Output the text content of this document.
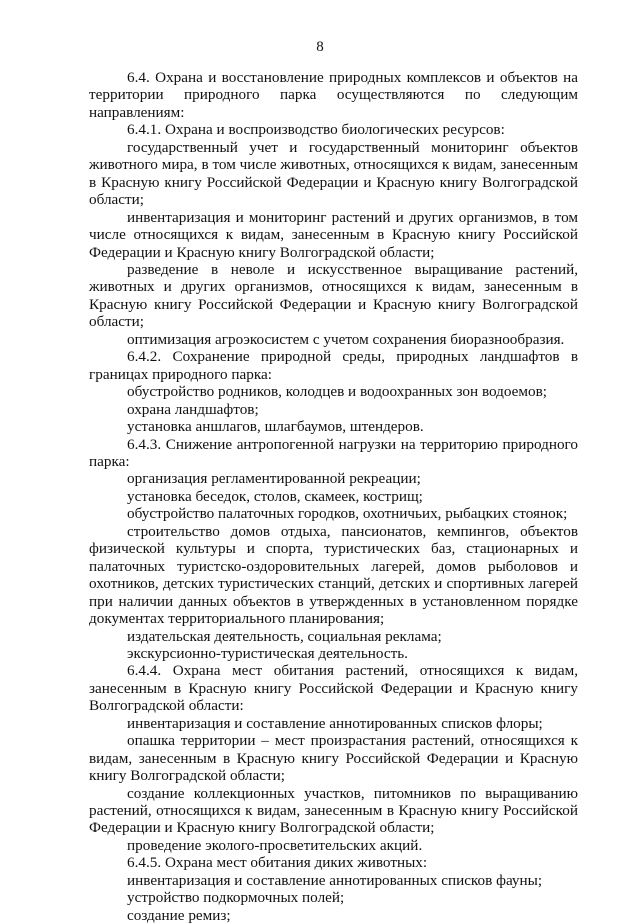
8

6.4. Охрана и восстановление природных комплексов и объектов на территории природного парка осуществляются по следующим направлениям:

6.4.1. Охрана и воспроизводство биологических ресурсов:

государственный учет и государственный мониторинг объектов животного мира, в том числе животных, относящихся к видам, занесенным в Красную книгу Российской Федерации и Красную книгу Волгоградской области;

инвентаризация и мониторинг растений и других организмов, в том числе относящихся к видам, занесенным в Красную книгу Российской Федерации и Красную книгу Волгоградской области;

разведение в неволе и искусственное выращивание растений, животных и других организмов, относящихся к видам, занесенным в Красную книгу Российской Федерации и Красную книгу Волгоградской области;

оптимизация агроэкосистем с учетом сохранения биоразнообразия.

6.4.2. Сохранение природной среды, природных ландшафтов в границах природного парка:

обустройство родников, колодцев и водоохранных зон водоемов;

охрана ландшафтов;

установка аншлагов, шлагбаумов, штендеров.

6.4.3. Снижение антропогенной нагрузки на территорию природного парка:

организация регламентированной рекреации;

установка беседок, столов, скамеек, кострищ;

обустройство палаточных городков, охотничьих, рыбацких стоянок;

строительство домов отдыха, пансионатов, кемпингов, объектов физической культуры и спорта, туристических баз, стационарных и палаточных туристско-оздоровительных лагерей, домов рыболовов и охотников, детских туристических станций, детских и спортивных лагерей при наличии данных объектов в утвержденных в установленном порядке документах территориального планирования;

издательская деятельность, социальная реклама;

экскурсионно-туристическая деятельность.

6.4.4. Охрана мест обитания растений, относящихся к видам, занесенным в Красную книгу Российской Федерации и Красную книгу Волгоградской области:

инвентаризация и составление аннотированных списков флоры;

опашка территории – мест произрастания растений, относящихся к видам, занесенным в Красную книгу Российской Федерации и Красную книгу Волгоградской области;

создание коллекционных участков, питомников по выращиванию растений, относящихся к видам, занесенным в Красную книгу Российской Федерации и Красную книгу Волгоградской области;

проведение эколого-просветительских акций.

6.4.5. Охрана мест обитания диких животных:

инвентаризация и составление аннотированных списков фауны;

устройство подкормочных полей;

создание ремиз;
